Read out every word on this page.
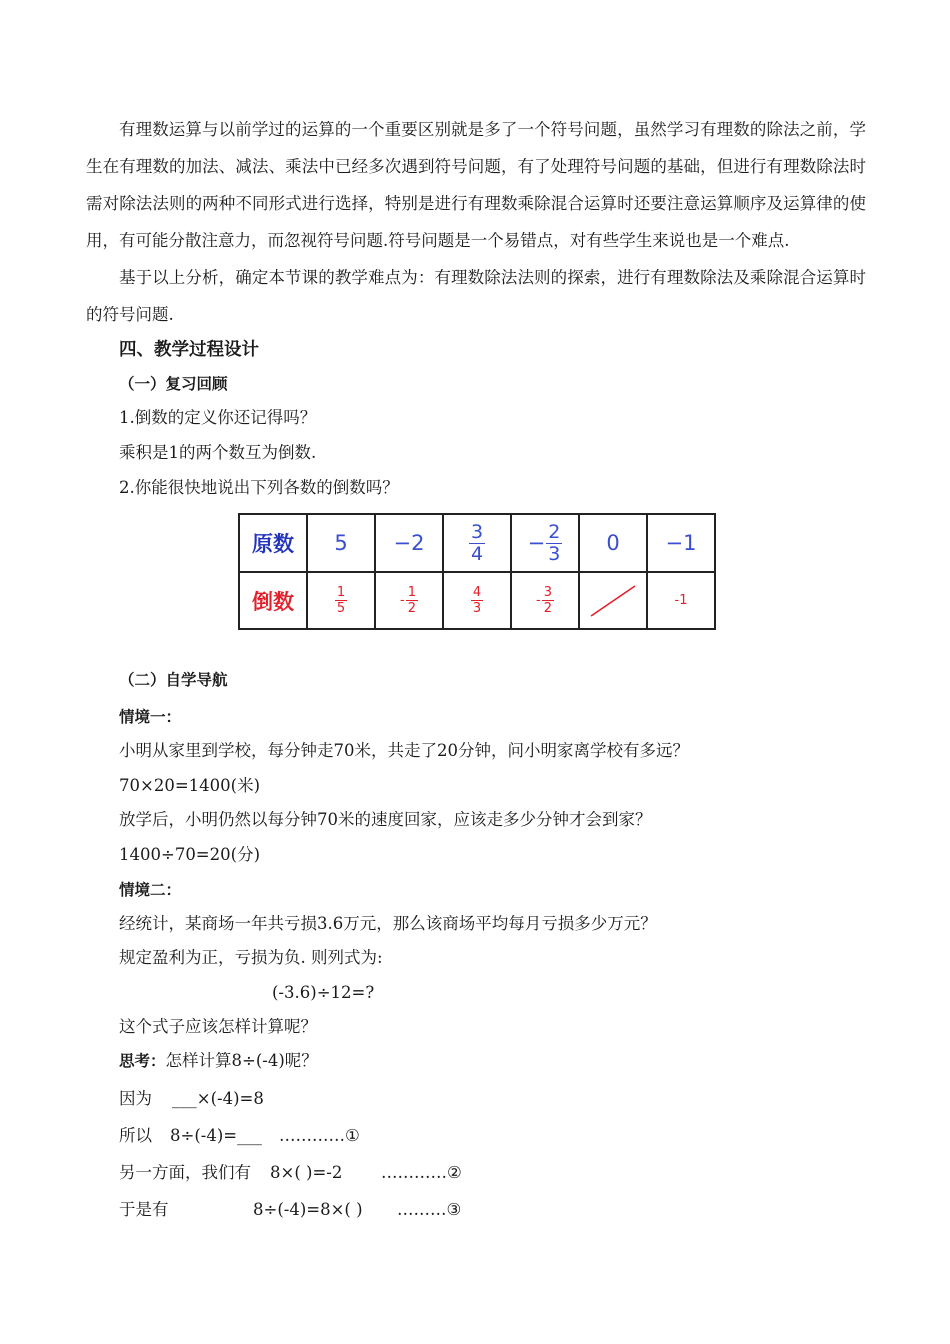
有理数运算与以前学过的运算的一个重要区别就是多了一个符号问题，虽然学习有理数的除法之前，学生在有理数的加法、减法、乘法中已经多次遇到符号问题，有了处理符号问题的基础，但进行有理数除法时需对除法法则的两种不同形式进行选择，特别是进行有理数乘除混合运算时还要注意运算顺序及运算律的使用，有可能分散注意力，而忽视符号问题.符号问题是一个易错点，对有些学生来说也是一个难点.
基于以上分析，确定本节课的教学难点为：有理数除法法则的探索，进行有理数除法及乘除混合运算时的符号问题.
四、教学过程设计
（一）复习回顾
1.倒数的定义你还记得吗？
乘积是1的两个数互为倒数.
2.你能很快地说出下列各数的倒数吗？
原数	5	−2	$\frac{3}{4}$	− $\frac{2}{3}$	0	−1
倒数	$\frac{1}{5}$	- $\frac{1}{2}$	$\frac{4}{3}$	- $\frac{3}{2}$		-1
（二）自学导航
情境一：
小明从家里到学校，每分钟走70米，共走了20分钟，问小明家离学校有多远？
70×20=1400(米)
放学后，小明仍然以每分钟70米的速度回家，应该走多少分钟才会到家？
1400÷70=20(分)
情境二：
经统计，某商场一年共亏损3.6万元，那么该商场平均每月亏损多少万元？
规定盈利为正，亏损为负. 则列式为:
(-3.6)÷12=?
这个式子应该怎样计算呢？
思考：怎样计算8÷(-4)呢？
因为 ___×(-4)=8
所以 8÷(-4)=___ …………①
另一方面，我们有 8×( )=-2 …………②
于是有	8÷(-4)=8×( ) ………③
